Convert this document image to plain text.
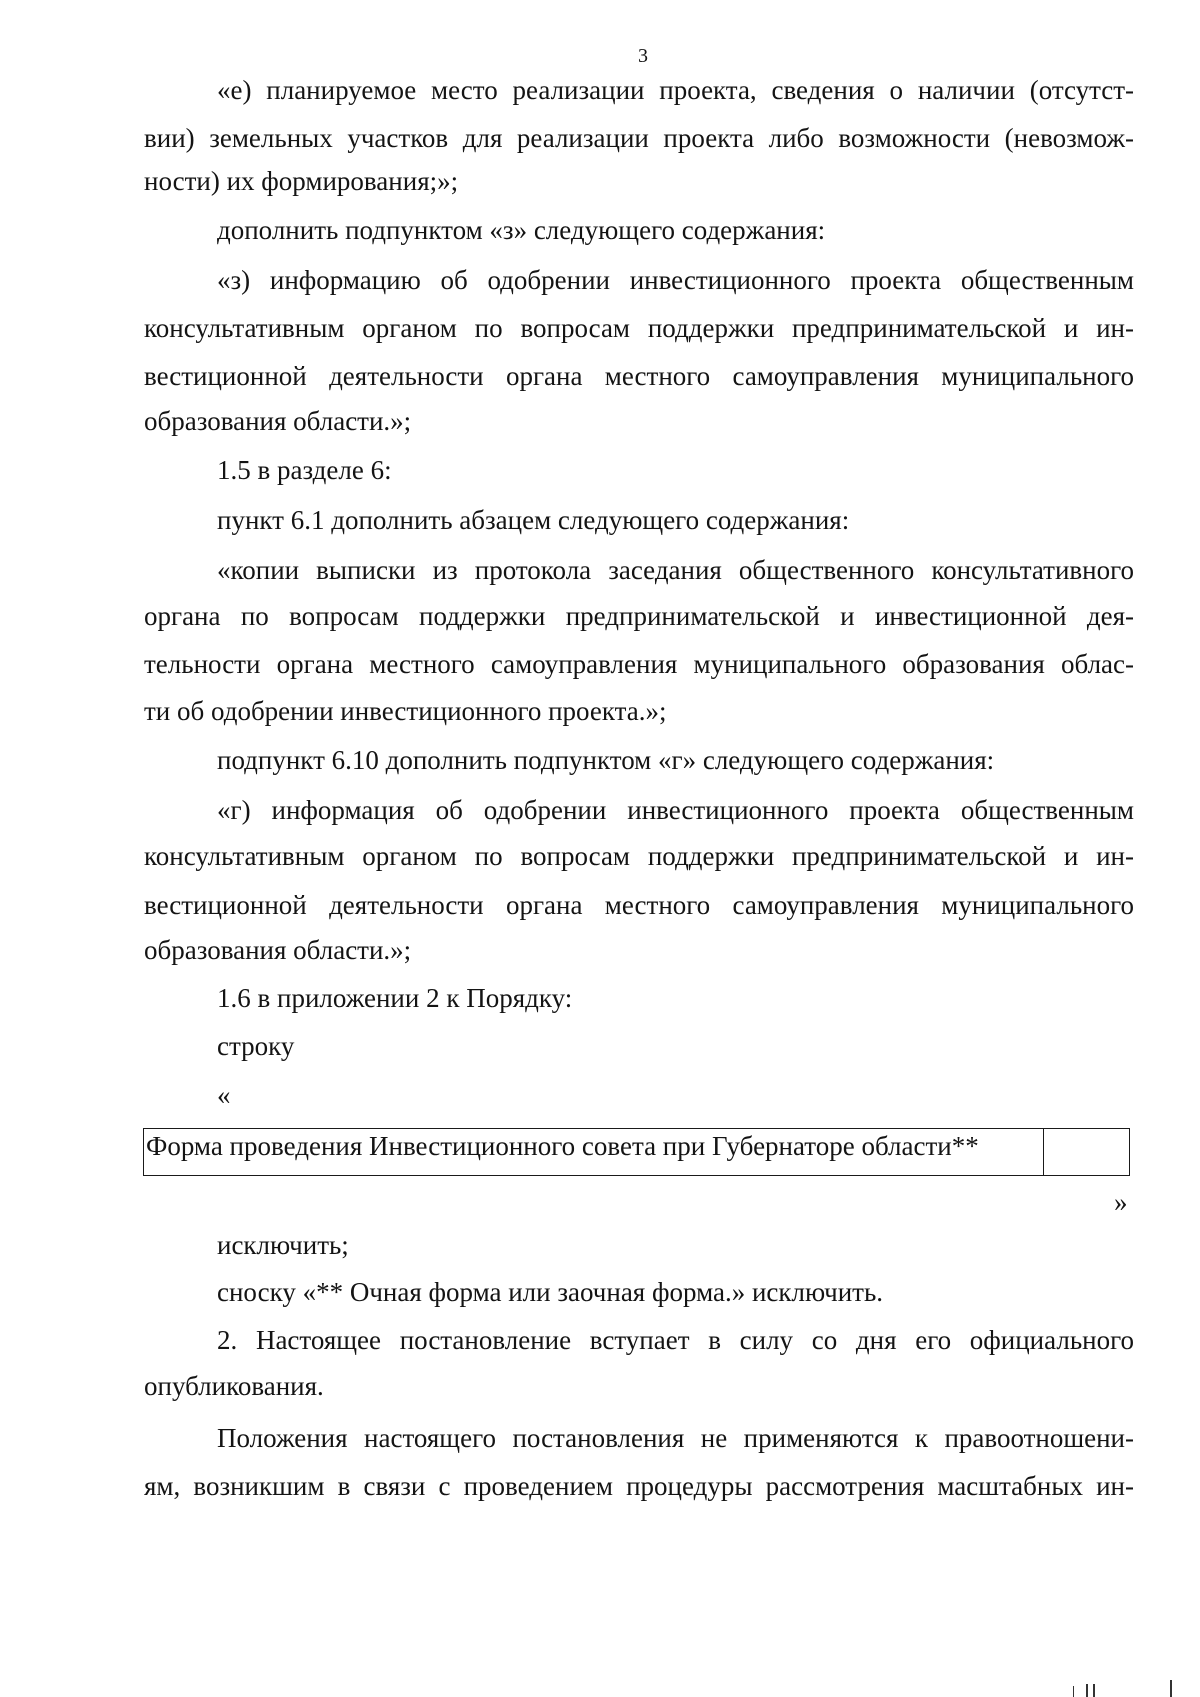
3
«е) планируемое место реализации проекта, сведения о наличии (отсутст-
вии) земельных участков для реализации проекта либо возможности (невозмож-
ности) их формирования;»;
дополнить подпунктом «з» следующего содержания:
«з) информацию об одобрении инвестиционного проекта общественным
консультативным органом по вопросам поддержки предпринимательской и ин-
вестиционной деятельности органа местного самоуправления муниципального
образования области.»;
1.5 в разделе 6:
пункт 6.1 дополнить абзацем следующего содержания:
«копии выписки из протокола заседания общественного консультативного
органа по вопросам поддержки предпринимательской и инвестиционной дея-
тельности органа местного самоуправления муниципального образования облас-
ти об одобрении инвестиционного проекта.»;
подпункт 6.10 дополнить подпунктом «г» следующего содержания:
«г) информация об одобрении инвестиционного проекта общественным
консультативным органом по вопросам поддержки предпринимательской и ин-
вестиционной деятельности органа местного самоуправления муниципального
образования области.»;
1.6 в приложении 2 к Порядку:
строку
«
Форма проведения Инвестиционного совета при Губернаторе области**
»
исключить;
сноску «** Очная форма или заочная форма.» исключить.
2. Настоящее постановление вступает в силу со дня его официального
опубликования.
Положения настоящего постановления не применяются к правоотношени-
ям, возникшим в связи с проведением процедуры рассмотрения масштабных ин-
